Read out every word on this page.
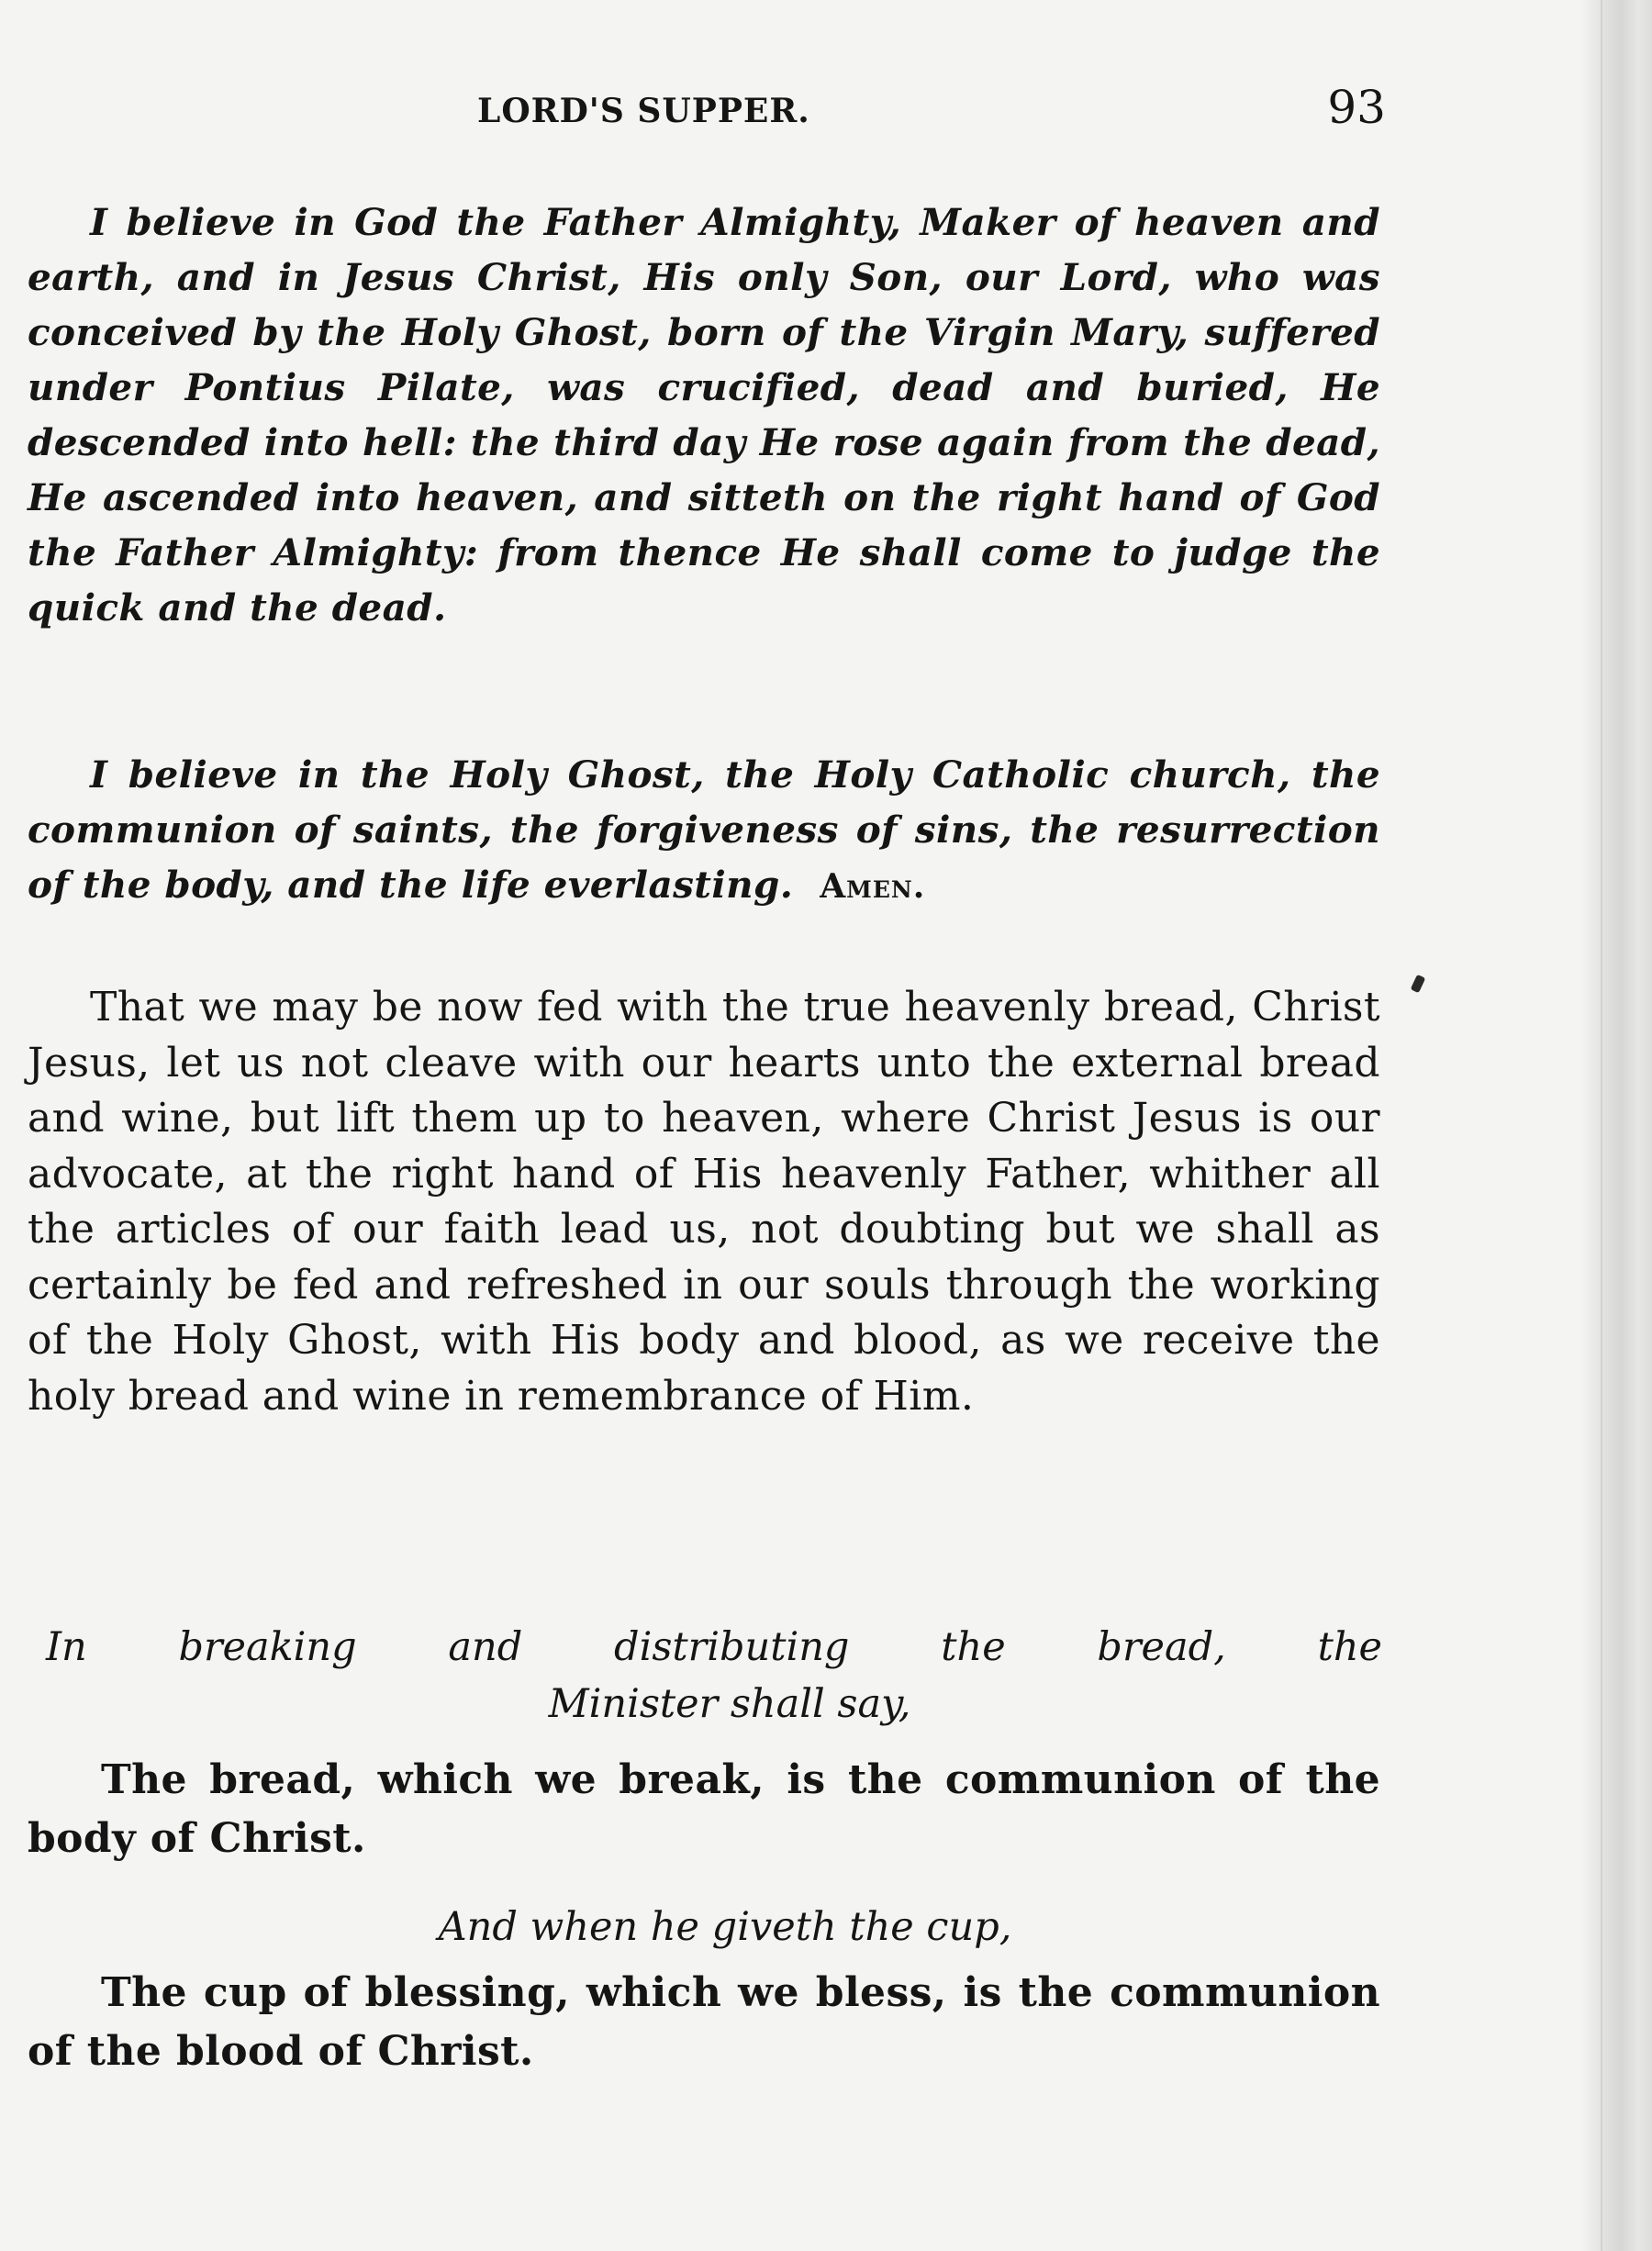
LORD'S SUPPER.	93

I believe in God the Father Almighty, Maker of heaven and earth, and in Jesus Christ, His only Son, our Lord, who was conceived by the Holy Ghost, born of the Virgin Mary, suffered under Pontius Pilate, was crucified, dead and buried, He descended into hell: the third day He rose again from the dead, He ascended into heaven, and sitteth on the right hand of God the Father Almighty: from thence He shall come to judge the quick and the dead.

I believe in the Holy Ghost, the Holy Catholic church, the communion of saints, the forgiveness of sins, the resurrection of the body, and the life everlasting. Amen.

That we may be now fed with the true heavenly bread, Christ Jesus, let us not cleave with our hearts unto the external bread and wine, but lift them up to heaven, where Christ Jesus is our advocate, at the right hand of His heavenly Father, whither all the articles of our faith lead us, not doubting but we shall as certainly be fed and refreshed in our souls through the working of the Holy Ghost, with His body and blood, as we receive the holy bread and wine in remembrance of Him.

In breaking and distributing the bread, the

Minister shall say,

The bread, which we break, is the communion of the body of Christ.

And when he giveth the cup,

The cup of blessing, which we bless, is the communion of the blood of Christ.
